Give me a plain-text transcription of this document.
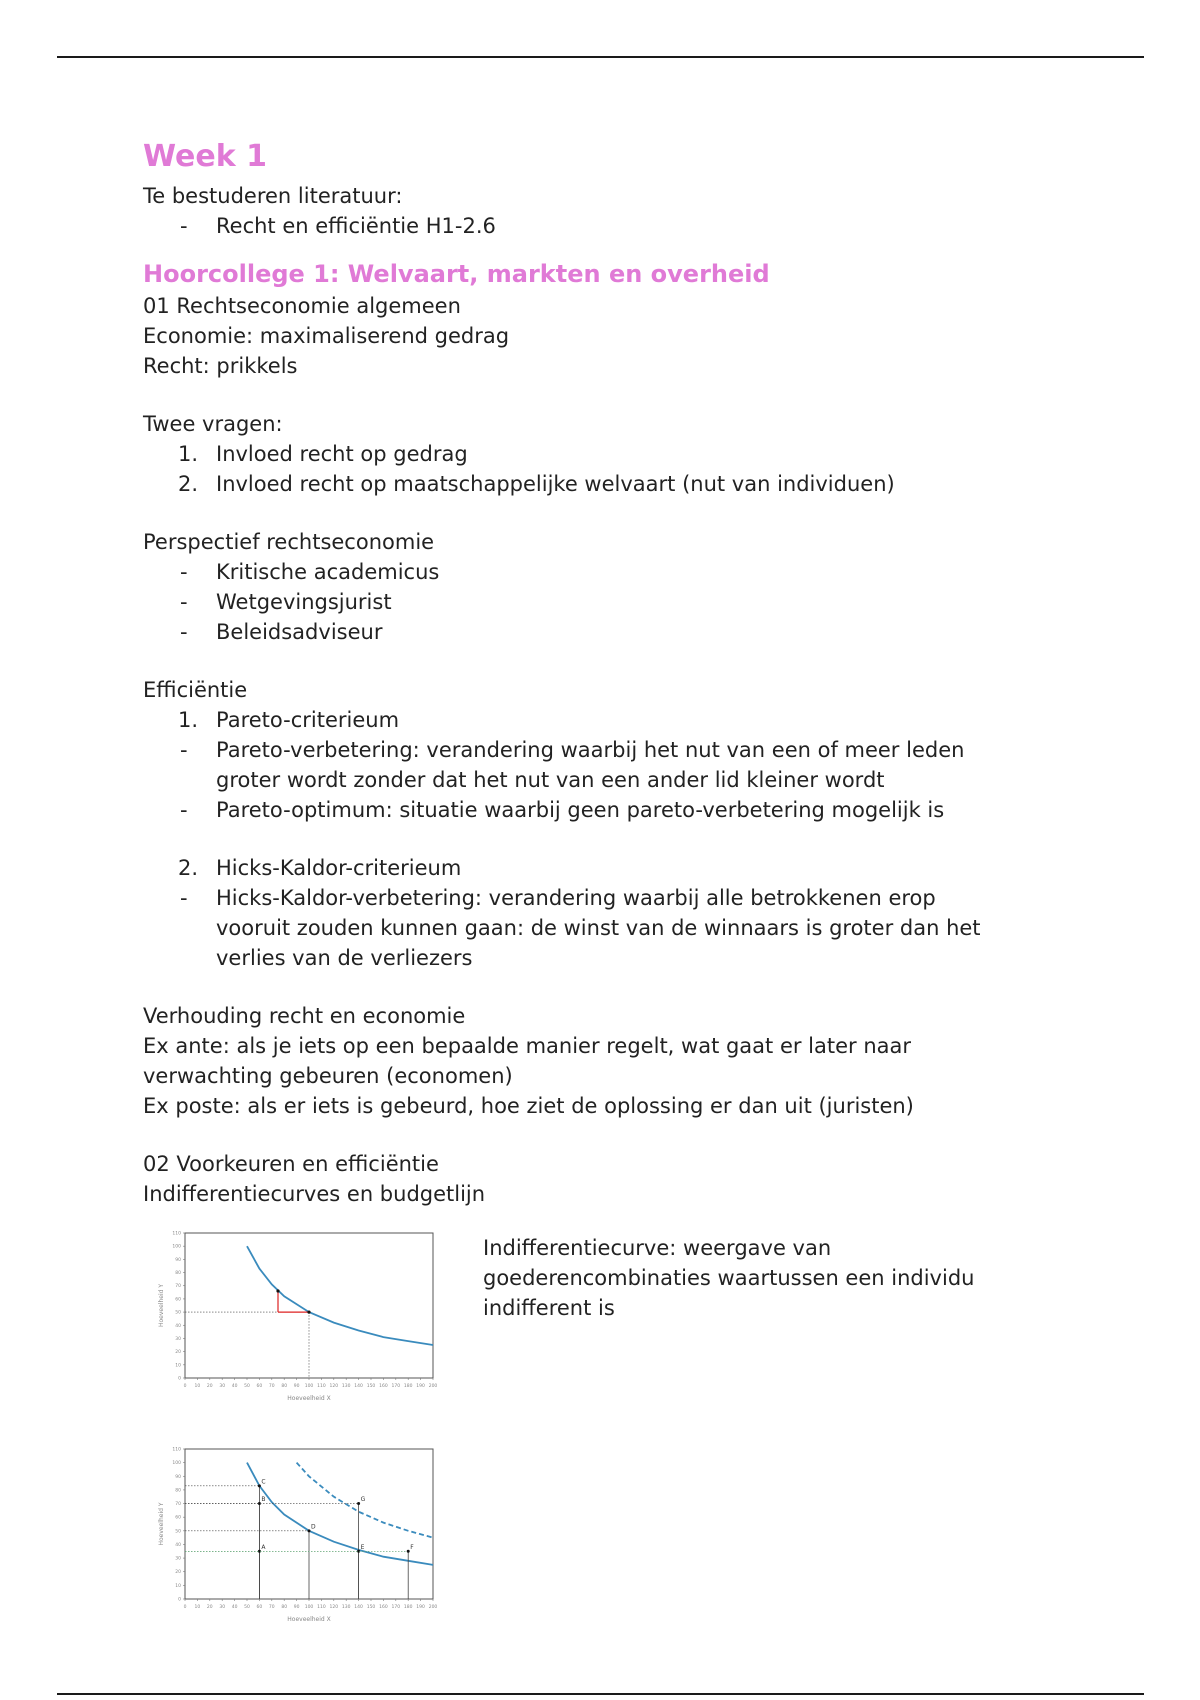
Week 1

Te bestuderen literatuur:

-	Recht en efficiëntie H1-2.6
Hoorcollege 1: Welvaart, markten en overheid

01 Rechtseconomie algemeen

Economie: maximaliserend gedrag

Recht: prikkels

Twee vragen:

1. Invloed recht op gedrag
2. Invloed recht op maatschappelijke welvaart (nut van individuen)

Perspectief rechtseconomie

-	Kritische academicus
-	Wetgevingsjurist
-	Beleidsadviseur

Efficiëntie

1. Pareto-criterieum
-	Pareto-verbetering: verandering waarbij het nut van een of meer leden
groter wordt zonder dat het nut van een ander lid kleiner wordt
-	Pareto-optimum: situatie waarbij geen pareto-verbetering mogelijk is
2. Hicks-Kaldor-criterieum
-	Hicks-Kaldor-verbetering: verandering waarbij alle betrokkenen erop
vooruit zouden kunnen gaan: de winst van de winnaars is groter dan het
verlies van de verliezers

Verhouding recht en economie

Ex ante: als je iets op een bepaalde manier regelt, wat gaat er later naar

verwachting gebeuren (economen)

Ex poste: als er iets is gebeurd, hoe ziet de oplossing er dan uit (juristen)

02 Voorkeuren en efficiëntie

Indifferentiecurves en budgetlijn

0 10 20 30 40 50 60 70 80 90 100 110 120 130 140 150 160 170 180 190 200
0
10
20
30
40
50
60
70
80
90
100
110
Hoeveelheid X
Hoeveelheid Y
Indifferentiecurve: weergave van
goederencombinaties waartussen een individu
indifferent is
0 10 20 30 40 50 60 70 80 90 100 110 120 130 140 150 160 170 180 190 200
0
10
20
30
40
50
60
70
80
90
100
110
Hoeveelheid X
Hoeveelheid Y
C
B
A
D
G
E	F
